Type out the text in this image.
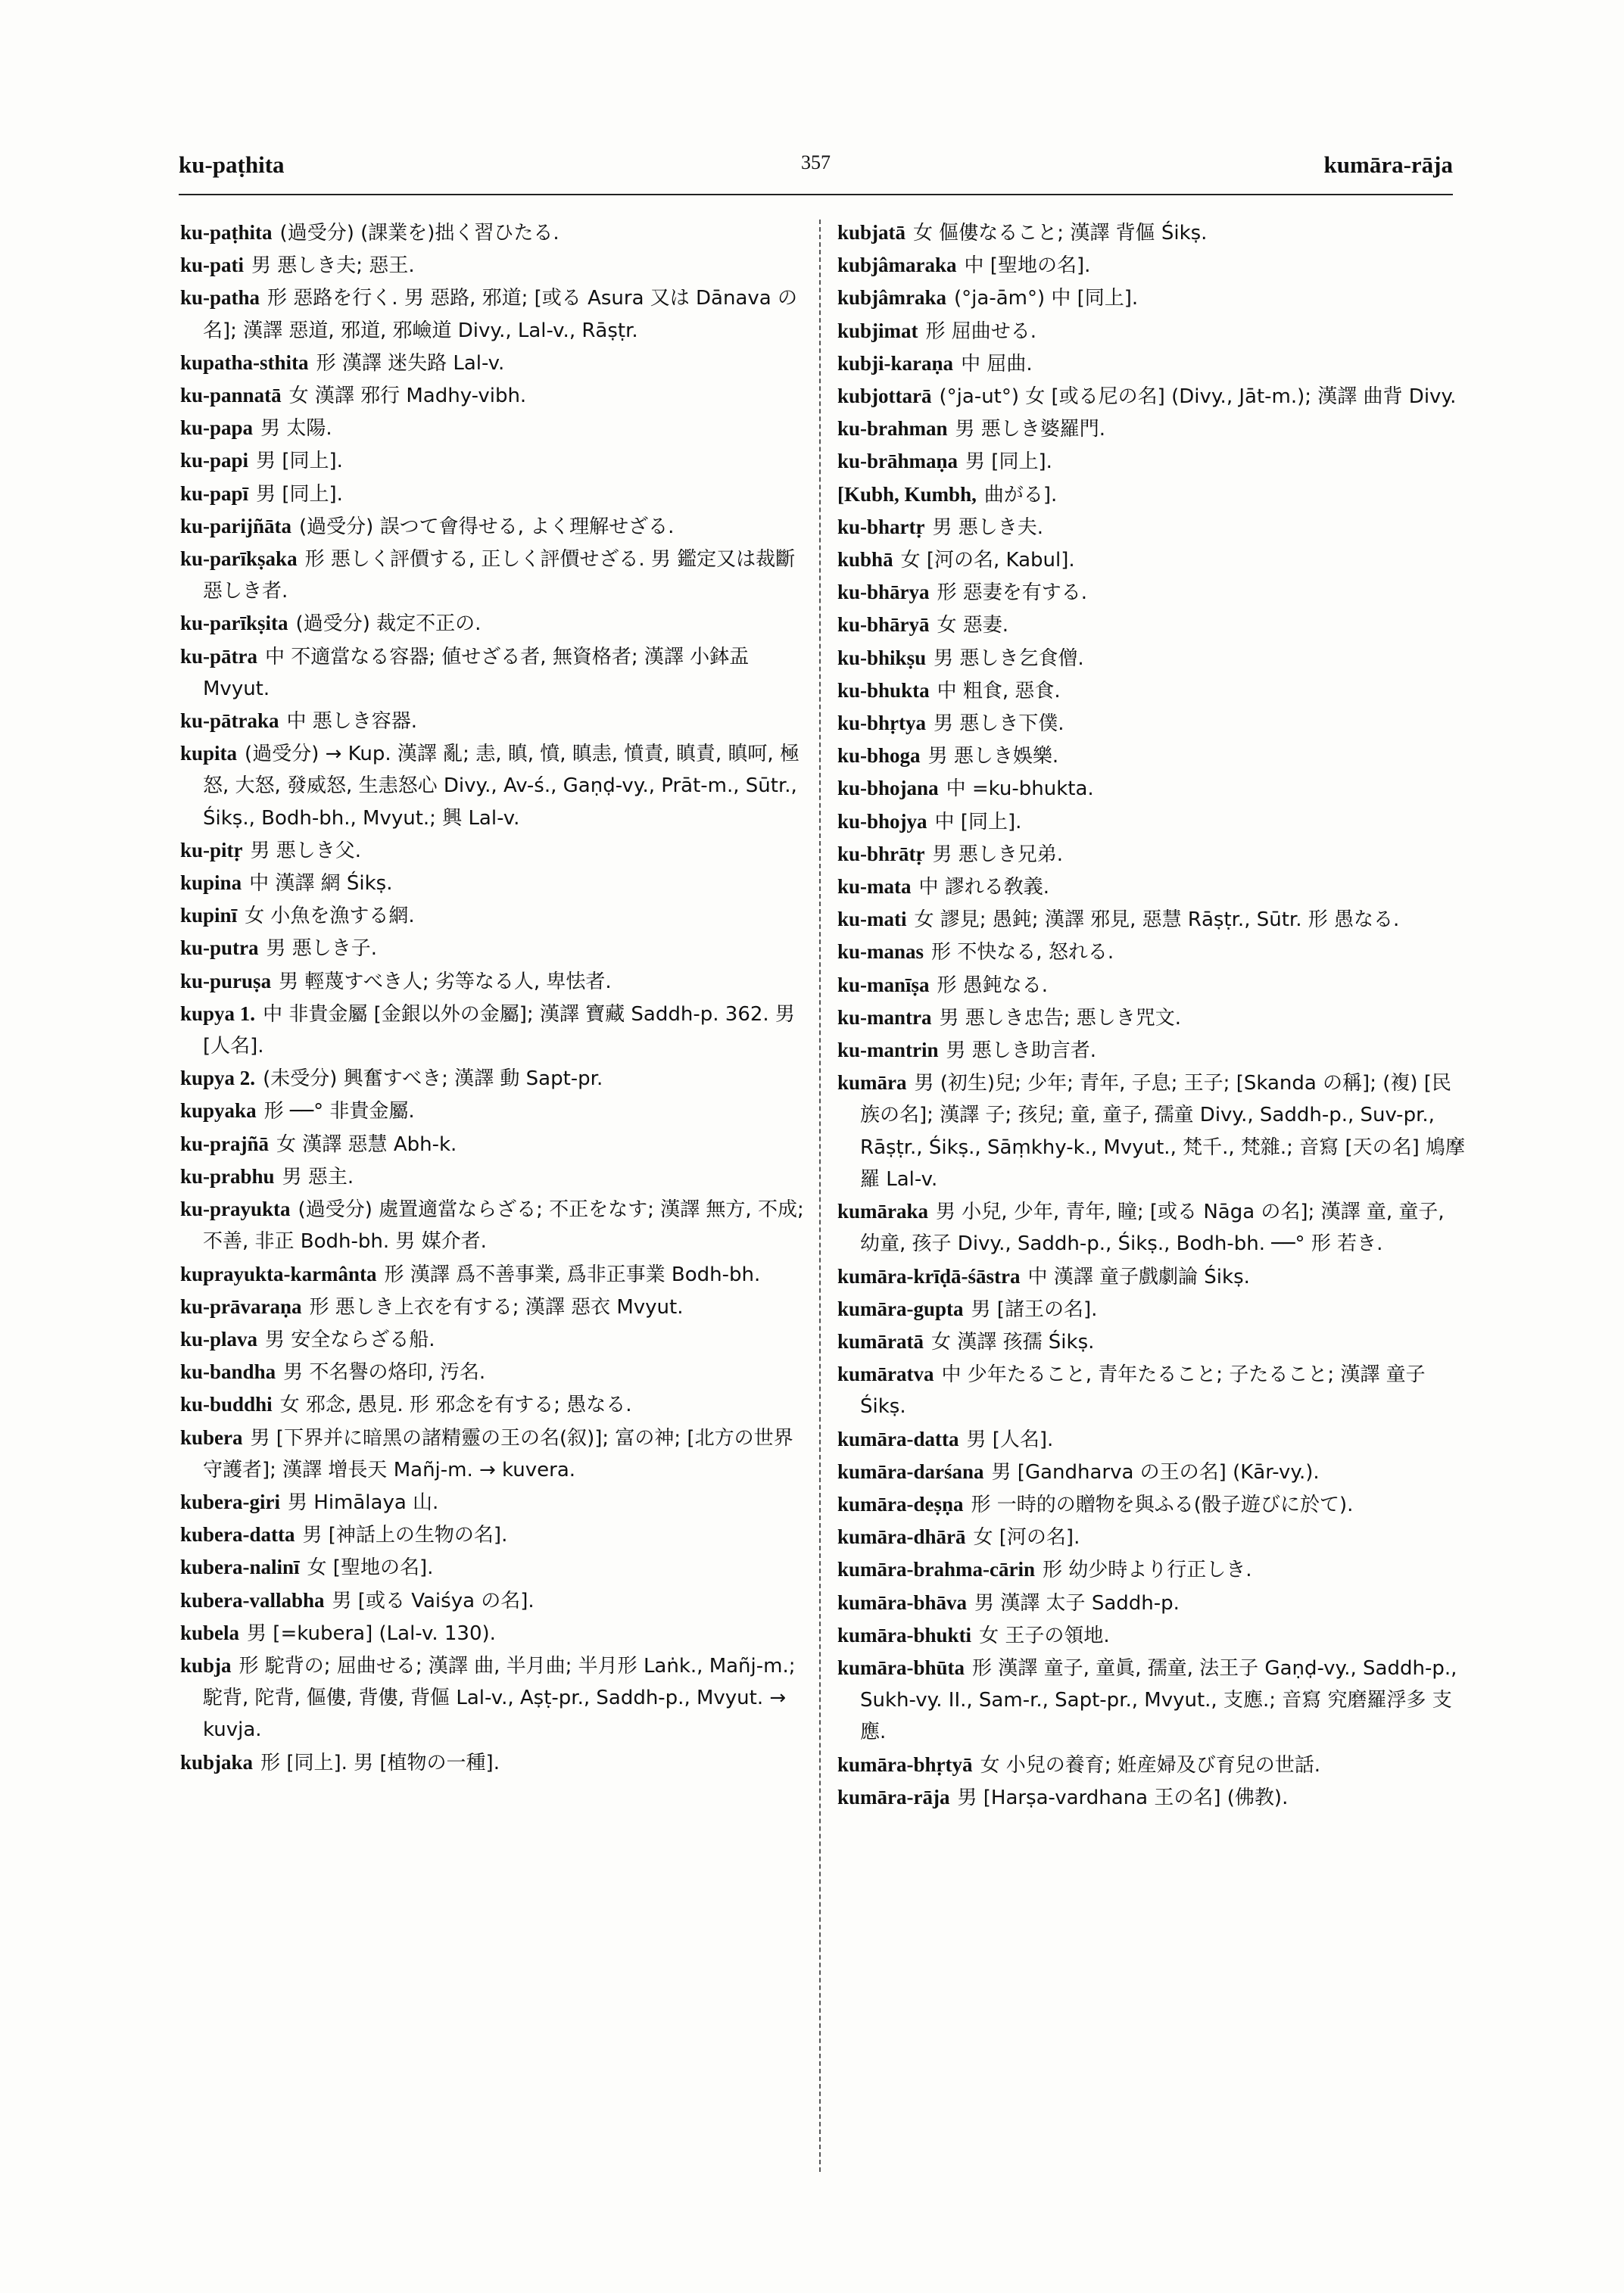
ku-paṭhita	357	kumāra-rāja

ku-paṭhita (過受分) (課業を)拙く習ひたる.

ku-pati 男 悪しき夫; 惡王.

ku-patha 形 惡路を行く. 男 惡路, 邪道; [或る Asura 又は Dānava の名]; 漢譯 惡道, 邪道, 邪嶮道 Divy., Lal-v., Rāṣṭr.

kupatha-sthita 形 漢譯 迷失路 Lal-v.

ku-pannatā 女 漢譯 邪行 Madhy-vibh.

ku-papa 男 太陽.

ku-papi 男 [同上].

ku-papī 男 [同上].

ku-parijñāta (過受分) 誤つて會得せる, よく理解せざる.

ku-parīkṣaka 形 悪しく評價する, 正しく評價せざる. 男 鑑定又は裁斷惡しき者.

ku-parīkṣita (過受分) 裁定不正の.

ku-pātra 中 不適當なる容器; 値せざる者, 無資格者; 漢譯 小鉢盂 Mvyut.

ku-pātraka 中 悪しき容器.

kupita (過受分) → Kup. 漢譯 亂; 恚, 瞋, 憤, 瞋恚, 憤責, 瞋責, 瞋呵, 極怒, 大怒, 發威怒, 生恚怒心 Divy., Av-ś., Gaṇḍ-vy., Prāt-m., Sūtr., Śikṣ., Bodh-bh., Mvyut.; 興 Lal-v.

ku-pitṛ 男 悪しき父.

kupina 中 漢譯 網 Śikṣ.

kupinī 女 小魚を漁する網.

ku-putra 男 悪しき子.

ku-puruṣa 男 輕蔑すべき人; 劣等なる人, 卑怯者.

kupya 1. 中 非貴金屬 [金銀以外の金屬]; 漢譯 寶藏 Saddh-p. 362. 男 [人名].

kupya 2. (未受分) 興奮すべき; 漢譯 動 Sapt-pr.

kupyaka 形 ──° 非貴金屬.

ku-prajñā 女 漢譯 惡慧 Abh-k.

ku-prabhu 男 惡主.

ku-prayukta (過受分) 處置適當ならざる; 不正をなす; 漢譯 無方, 不成; 不善, 非正 Bodh-bh. 男 媒介者.

kuprayukta-karmânta 形 漢譯 爲不善事業, 爲非正事業 Bodh-bh.

ku-prāvaraṇa 形 悪しき上衣を有する; 漢譯 惡衣 Mvyut.

ku-plava 男 安全ならざる船.

ku-bandha 男 不名譽の烙印, 汚名.

ku-buddhi 女 邪念, 愚見. 形 邪念を有する; 愚なる.

kubera 男 [下界并に暗黑の諸精靈の王の名(叙)]; 富の神; [北方の世界守護者]; 漢譯 增長天 Mañj-m. → kuvera.

kubera-giri 男 Himālaya 山.

kubera-datta 男 [神話上の生物の名].

kubera-nalinī 女 [聖地の名].

kubera-vallabha 男 [或る Vaiśya の名].

kubela 男 [=kubera] (Lal-v. 130).

kubja 形 駝背の; 屈曲せる; 漢譯 曲, 半月曲; 半月形 Laṅk., Mañj-m.; 駝背, 陀背, 傴僂, 背僂, 背傴 Lal-v., Aṣṭ-pr., Saddh-p., Mvyut. → kuvja.

kubjaka 形 [同上]. 男 [植物の一種].

kubjatā 女 傴僂なること; 漢譯 背傴 Śikṣ.

kubjâmaraka 中 [聖地の名].

kubjâmraka (°ja-ām°) 中 [同上].

kubjimat 形 屈曲せる.

kubji-karaṇa 中 屈曲.

kubjottarā (°ja-ut°) 女 [或る尼の名] (Divy., Jāt-m.); 漢譯 曲背 Divy.

ku-brahman 男 悪しき婆羅門.

ku-brāhmaṇa 男 [同上].

[Kubh, Kumbh, 曲がる].

ku-bhartṛ 男 悪しき夫.

kubhā 女 [河の名, Kabul].

ku-bhārya 形 惡妻を有する.

ku-bhāryā 女 惡妻.

ku-bhikṣu 男 悪しき乞食僧.

ku-bhukta 中 粗食, 惡食.

ku-bhṛtya 男 悪しき下僕.

ku-bhoga 男 悪しき娛樂.

ku-bhojana 中 =ku-bhukta.

ku-bhojya 中 [同上].

ku-bhrātṛ 男 悪しき兄弟.

ku-mata 中 謬れる敎義.

ku-mati 女 謬見; 愚鈍; 漢譯 邪見, 惡慧 Rāṣṭr., Sūtr. 形 愚なる.

ku-manas 形 不快なる, 怒れる.

ku-manīṣa 形 愚鈍なる.

ku-mantra 男 悪しき忠告; 悪しき咒文.

ku-mantrin 男 悪しき助言者.

kumāra 男 (初生)兒; 少年; 青年, 子息; 王子; [Skanda の稱]; (複) [民族の名]; 漢譯 子; 孩兒; 童, 童子, 孺童 Divy., Saddh-p., Suv-pr., Rāṣṭr., Śikṣ., Sāṃkhy-k., Mvyut., 梵千., 梵雜.; 音寫 [天の名] 鳩摩羅 Lal-v.

kumāraka 男 小兒, 少年, 青年, 瞳; [或る Nāga の名]; 漢譯 童, 童子, 幼童, 孩子 Divy., Saddh-p., Śikṣ., Bodh-bh. ──° 形 若き.

kumāra-krīḍā-śāstra 中 漢譯 童子戲劇論 Śikṣ.

kumāra-gupta 男 [諸王の名].

kumāratā 女 漢譯 孩孺 Śikṣ.

kumāratva 中 少年たること, 青年たること; 子たること; 漢譯 童子 Śikṣ.

kumāra-datta 男 [人名].

kumāra-darśana 男 [Gandharva の王の名] (Kār-vy.).

kumāra-deṣṇa 形 一時的の贈物を與ふる(骰子遊びに於て).

kumāra-dhārā 女 [河の名].

kumāra-brahma-cārin 形 幼少時より行正しき.

kumāra-bhāva 男 漢譯 太子 Saddh-p.

kumāra-bhukti 女 王子の領地.

kumāra-bhūta 形 漢譯 童子, 童眞, 孺童, 法王子 Gaṇḍ-vy., Saddh-p., Sukh-vy. II., Sam-r., Sapt-pr., Mvyut., 支應.; 音寫 究磨羅浮多 支應.

kumāra-bhṛtyā 女 小兒の養育; 姙産婦及び育兒の世話.

kumāra-rāja 男 [Harṣa-vardhana 王の名] (佛教).
